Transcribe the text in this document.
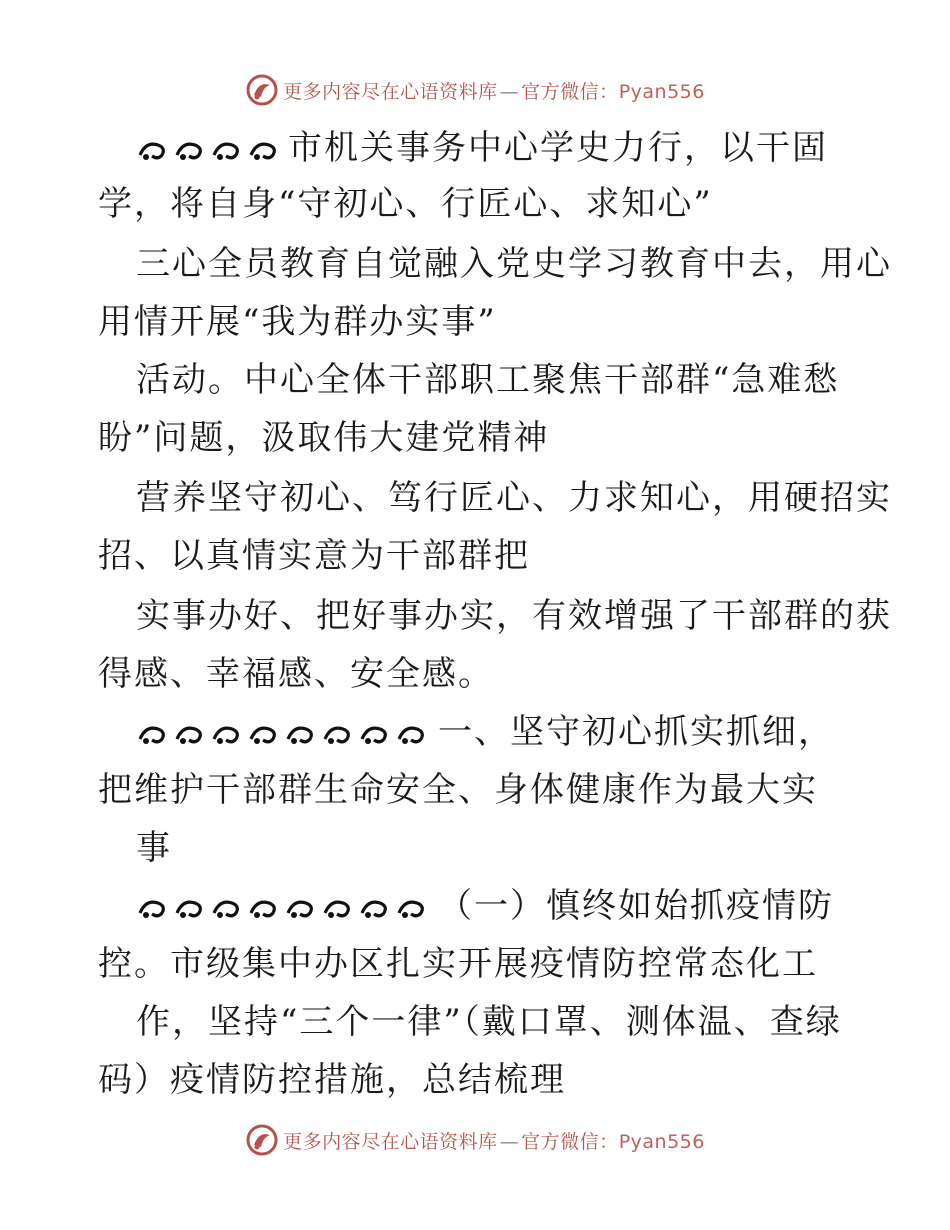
更多内容尽在心语资料库 — 官方微信：Pyan556
市机关事务中心学史力行，以干固
学，将自身“守初心、行匠心、求知心”
三心全员教育自觉融入党史学习教育中去，用心
用情开展“我为群办实事”
活动。中心全体干部职工聚焦干部群“急难愁
盼”问题，汲取伟大建党精神
营养坚守初心、笃行匠心、力求知心，用硬招实
招、以真情实意为干部群把
实事办好、把好事办实，有效增强了干部群的获
得感、幸福感、安全感。
一、坚守初心抓实抓细，
把维护干部群生命安全、身体健康作为最大实
事
（一）慎终如始抓疫情防
控。市级集中办区扎实开展疫情防控常态化工
作，坚持“三个一律”（戴口罩、测体温、查绿
码）疫情防控措施，总结梳理
更多内容尽在心语资料库 — 官方微信：Pyan556
